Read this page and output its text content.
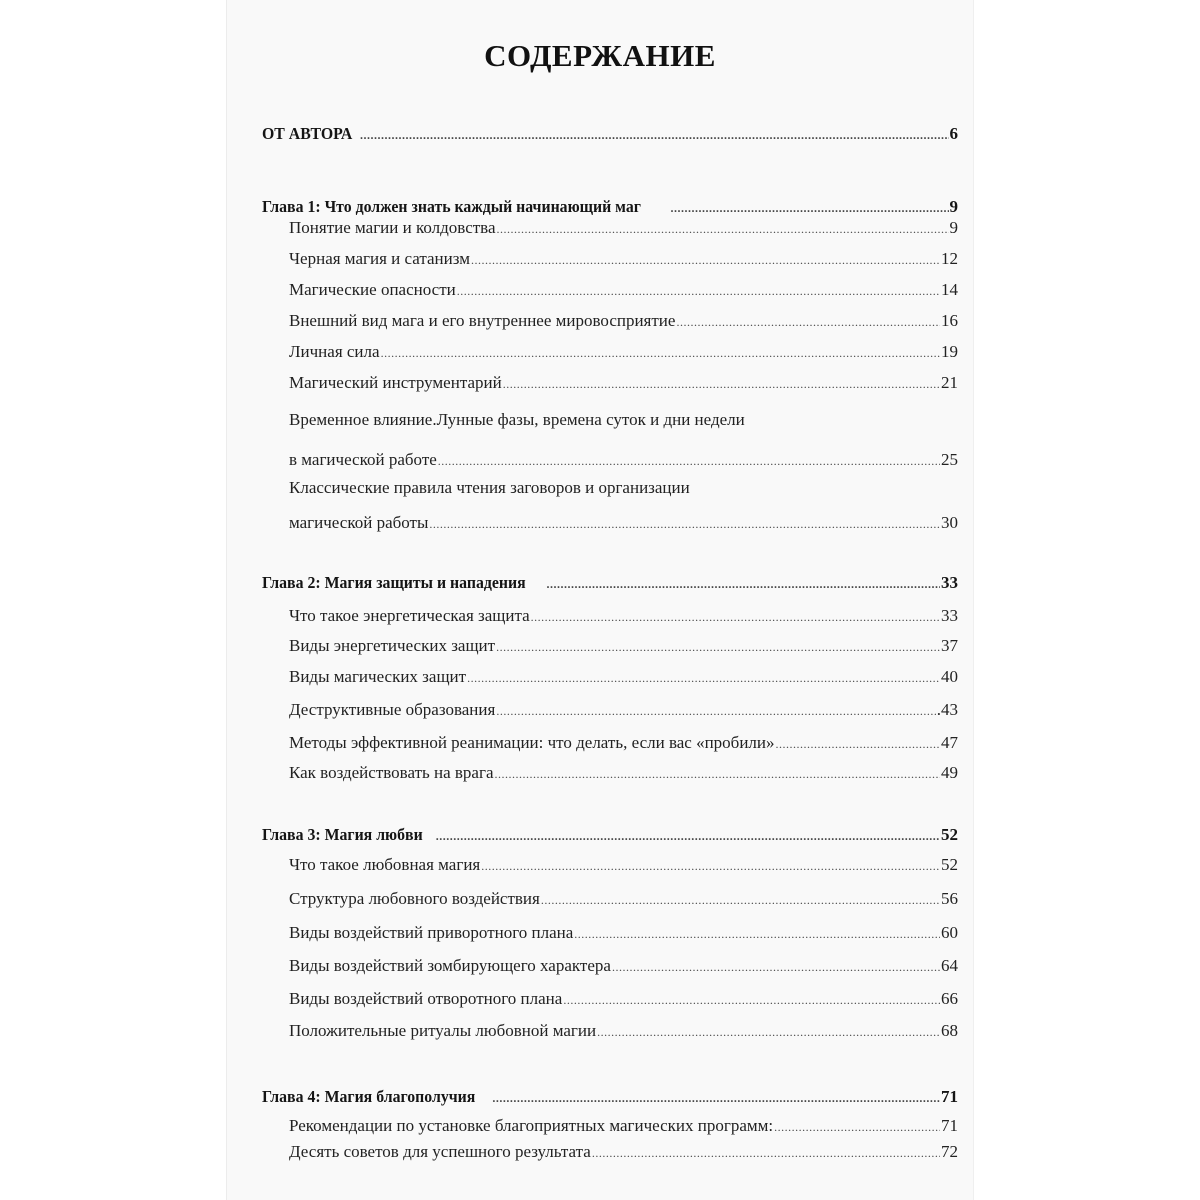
СОДЕРЖАНИЕ
ОТ АВТОРА .....	6
Глава 1: Что должен знать каждый начинающий маг .....	9
Понятие магии и колдовства .....	9
Черная магия и сатанизм .....	12
Магические опасности .....	14
Внешний вид мага и его внутреннее мировосприятие .....	16
Личная сила .....	19
Магический инструментарий .....	21
Временное влияние.Лунные фазы, времена суток и дни недели
в магической работе .....	25
Классические правила чтения заговоров и организации
магической работы .....	30
Глава 2: Магия защиты и нападения .....	33
Что такое энергетическая защита .....	33
Виды энергетических защит .....	37
Виды магических защит .....	40
Деструктивные образования .....	.43
Методы эффективной реанимации: что делать, если вас «пробили» .....	47
Как воздействовать на врага .....	49
Глава 3: Магия любви .....	52
Что такое любовная магия .....	52
Структура любовного воздействия .....	56
Виды воздействий приворотного плана .....	60
Виды воздействий зомбирующего характера .....	64
Виды воздействий отворотного плана .....	66
Положительные ритуалы любовной магии .....	68
Глава 4: Магия благополучия .....	71
Рекомендации по установке благоприятных магических программ: .....	71
Десять советов для успешного результата .....	72
